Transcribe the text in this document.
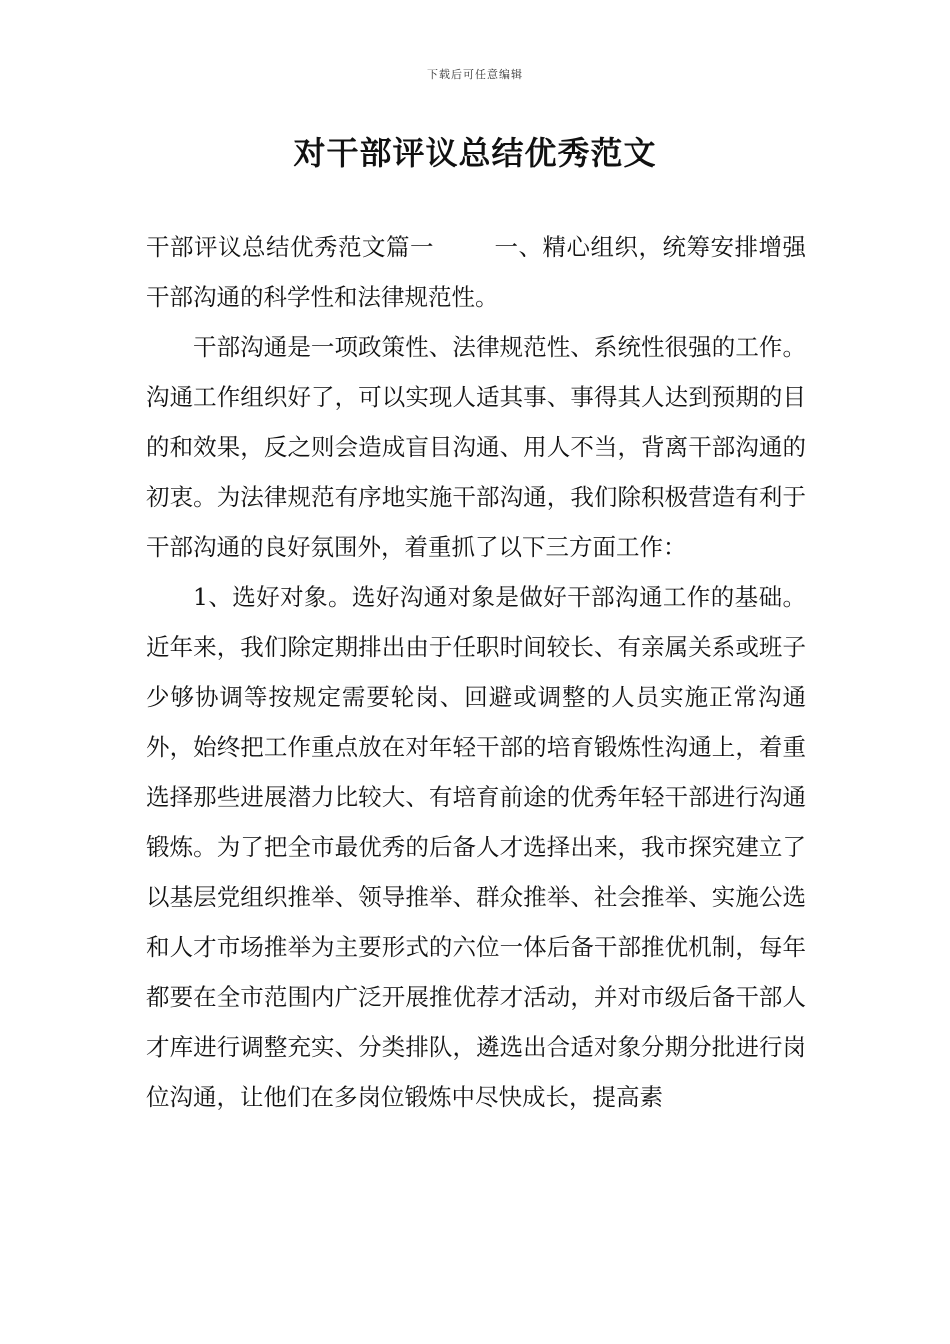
下载后可任意编辑
对干部评议总结优秀范文

干部评议总结优秀范文篇一	一、精心组织，统筹安排增强干部沟通的科学性和法律规范性。

干部沟通是一项政策性、法律规范性、系统性很强的工作。沟通工作组织好了，可以实现人适其事、事得其人达到预期的目的和效果，反之则会造成盲目沟通、用人不当，背离干部沟通的初衷。为法律规范有序地实施干部沟通，我们除积极营造有利于干部沟通的良好氛围外，着重抓了以下三方面工作：

1、选好对象。选好沟通对象是做好干部沟通工作的基础。近年来，我们除定期排出由于任职时间较长、有亲属关系或班子少够协调等按规定需要轮岗、回避或调整的人员实施正常沟通外，始终把工作重点放在对年轻干部的培育锻炼性沟通上，着重选择那些进展潜力比较大、有培育前途的优秀年轻干部进行沟通锻炼。为了把全市最优秀的后备人才选择出来，我市探究建立了以基层党组织推举、领导推举、群众推举、社会推举、实施公选和人才市场推举为主要形式的六位一体后备干部推优机制，每年都要在全市范围内广泛开展推优荐才活动，并对市级后备干部人才库进行调整充实、分类排队，遴选出合适对象分期分批进行岗位沟通，让他们在多岗位锻炼中尽快成长，提高素
